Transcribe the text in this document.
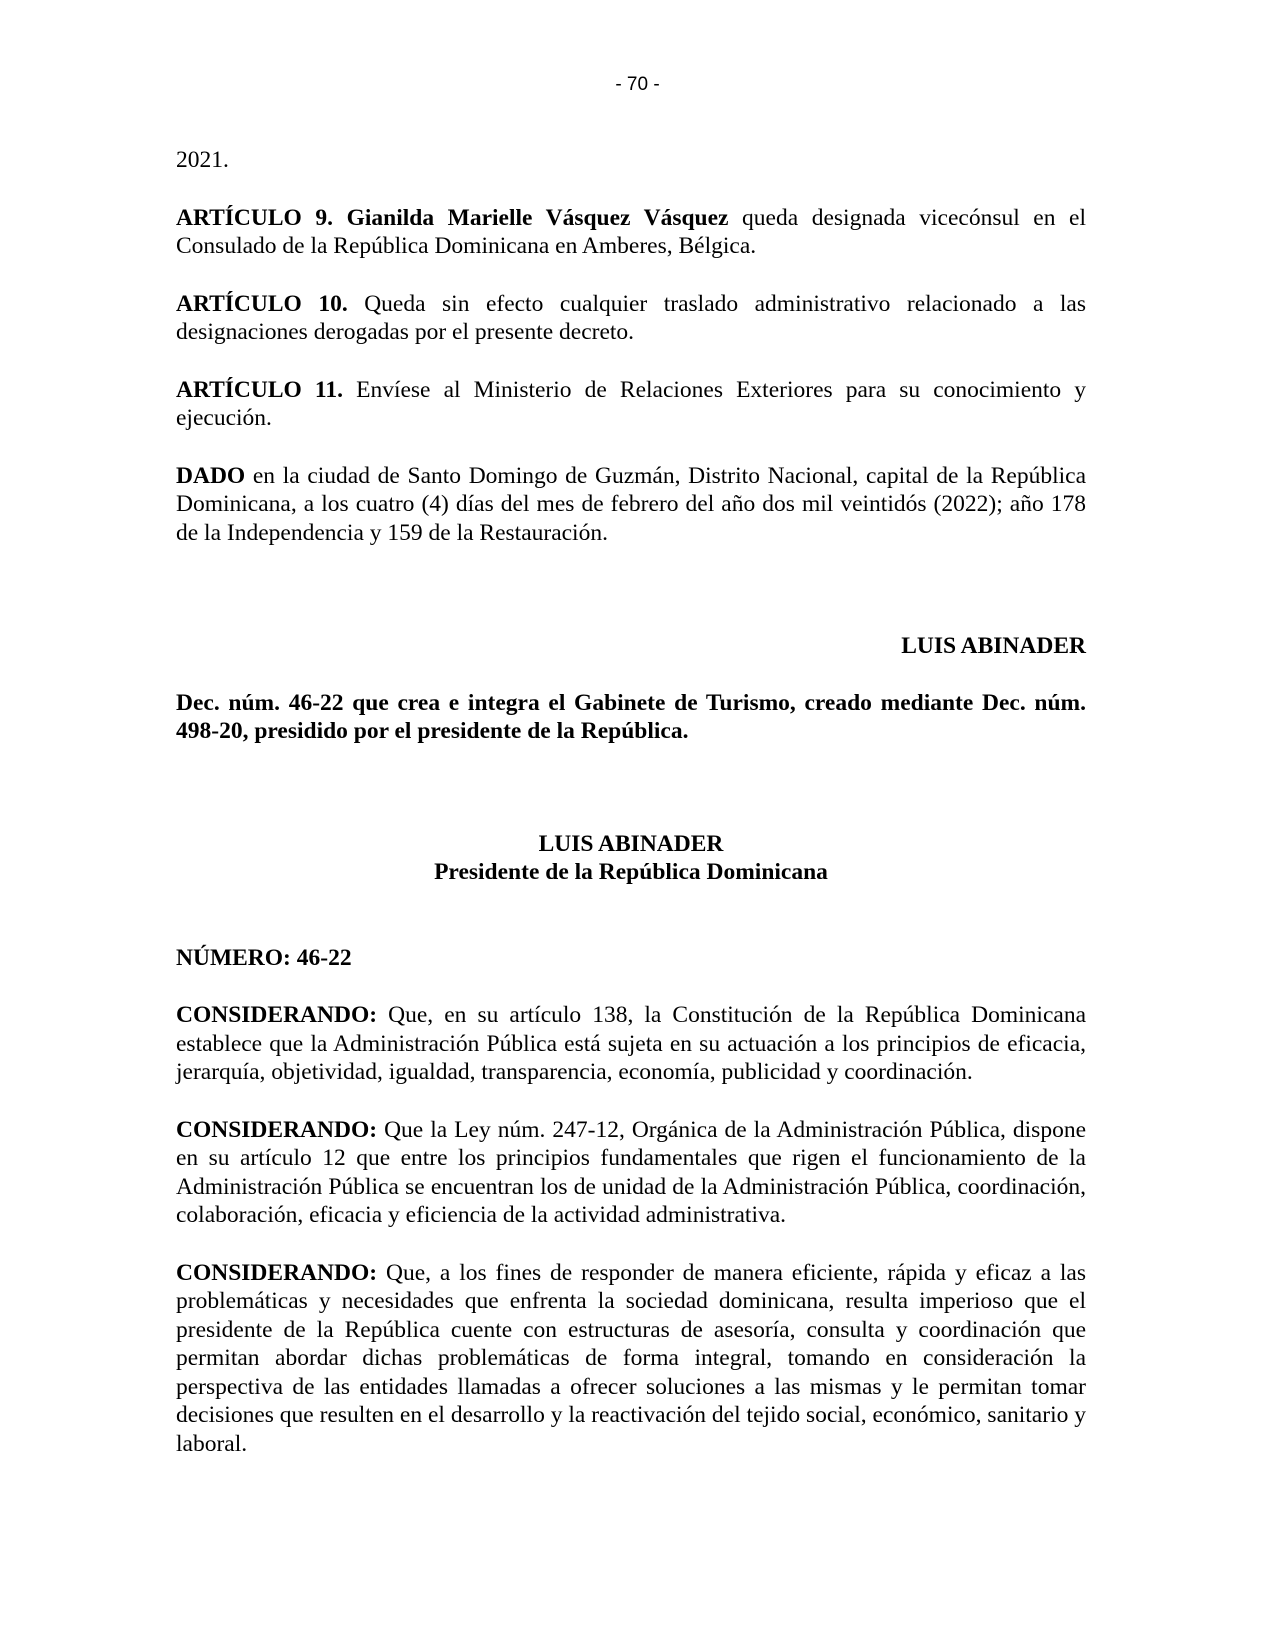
- 70 -

2021.

ARTÍCULO 9. Gianilda Marielle Vásquez Vásquez queda designada vicecónsul en el Consulado de la República Dominicana en Amberes, Bélgica.

ARTÍCULO 10. Queda sin efecto cualquier traslado administrativo relacionado a las designaciones derogadas por el presente decreto.

ARTÍCULO 11. Envíese al Ministerio de Relaciones Exteriores para su conocimiento y ejecución.

DADO en la ciudad de Santo Domingo de Guzmán, Distrito Nacional, capital de la República Dominicana, a los cuatro (4) días del mes de febrero del año dos mil veintidós (2022); año 178 de la Independencia y 159 de la Restauración.

LUIS ABINADER

Dec. núm. 46-22 que crea e integra el Gabinete de Turismo, creado mediante Dec. núm. 498-20, presidido por el presidente de la República.

LUIS ABINADER
Presidente de la República Dominicana

NÚMERO: 46-22

CONSIDERANDO: Que, en su artículo 138, la Constitución de la República Dominicana establece que la Administración Pública está sujeta en su actuación a los principios de eficacia, jerarquía, objetividad, igualdad, transparencia, economía, publicidad y coordinación.

CONSIDERANDO: Que la Ley núm. 247-12, Orgánica de la Administración Pública, dispone en su artículo 12 que entre los principios fundamentales que rigen el funcionamiento de la Administración Pública se encuentran los de unidad de la Administración Pública, coordinación, colaboración, eficacia y eficiencia de la actividad administrativa.

CONSIDERANDO: Que, a los fines de responder de manera eficiente, rápida y eficaz a las problemáticas y necesidades que enfrenta la sociedad dominicana, resulta imperioso que el presidente de la República cuente con estructuras de asesoría, consulta y coordinación que permitan abordar dichas problemáticas de forma integral, tomando en consideración la perspectiva de las entidades llamadas a ofrecer soluciones a las mismas y le permitan tomar decisiones que resulten en el desarrollo y la reactivación del tejido social, económico, sanitario y laboral.
